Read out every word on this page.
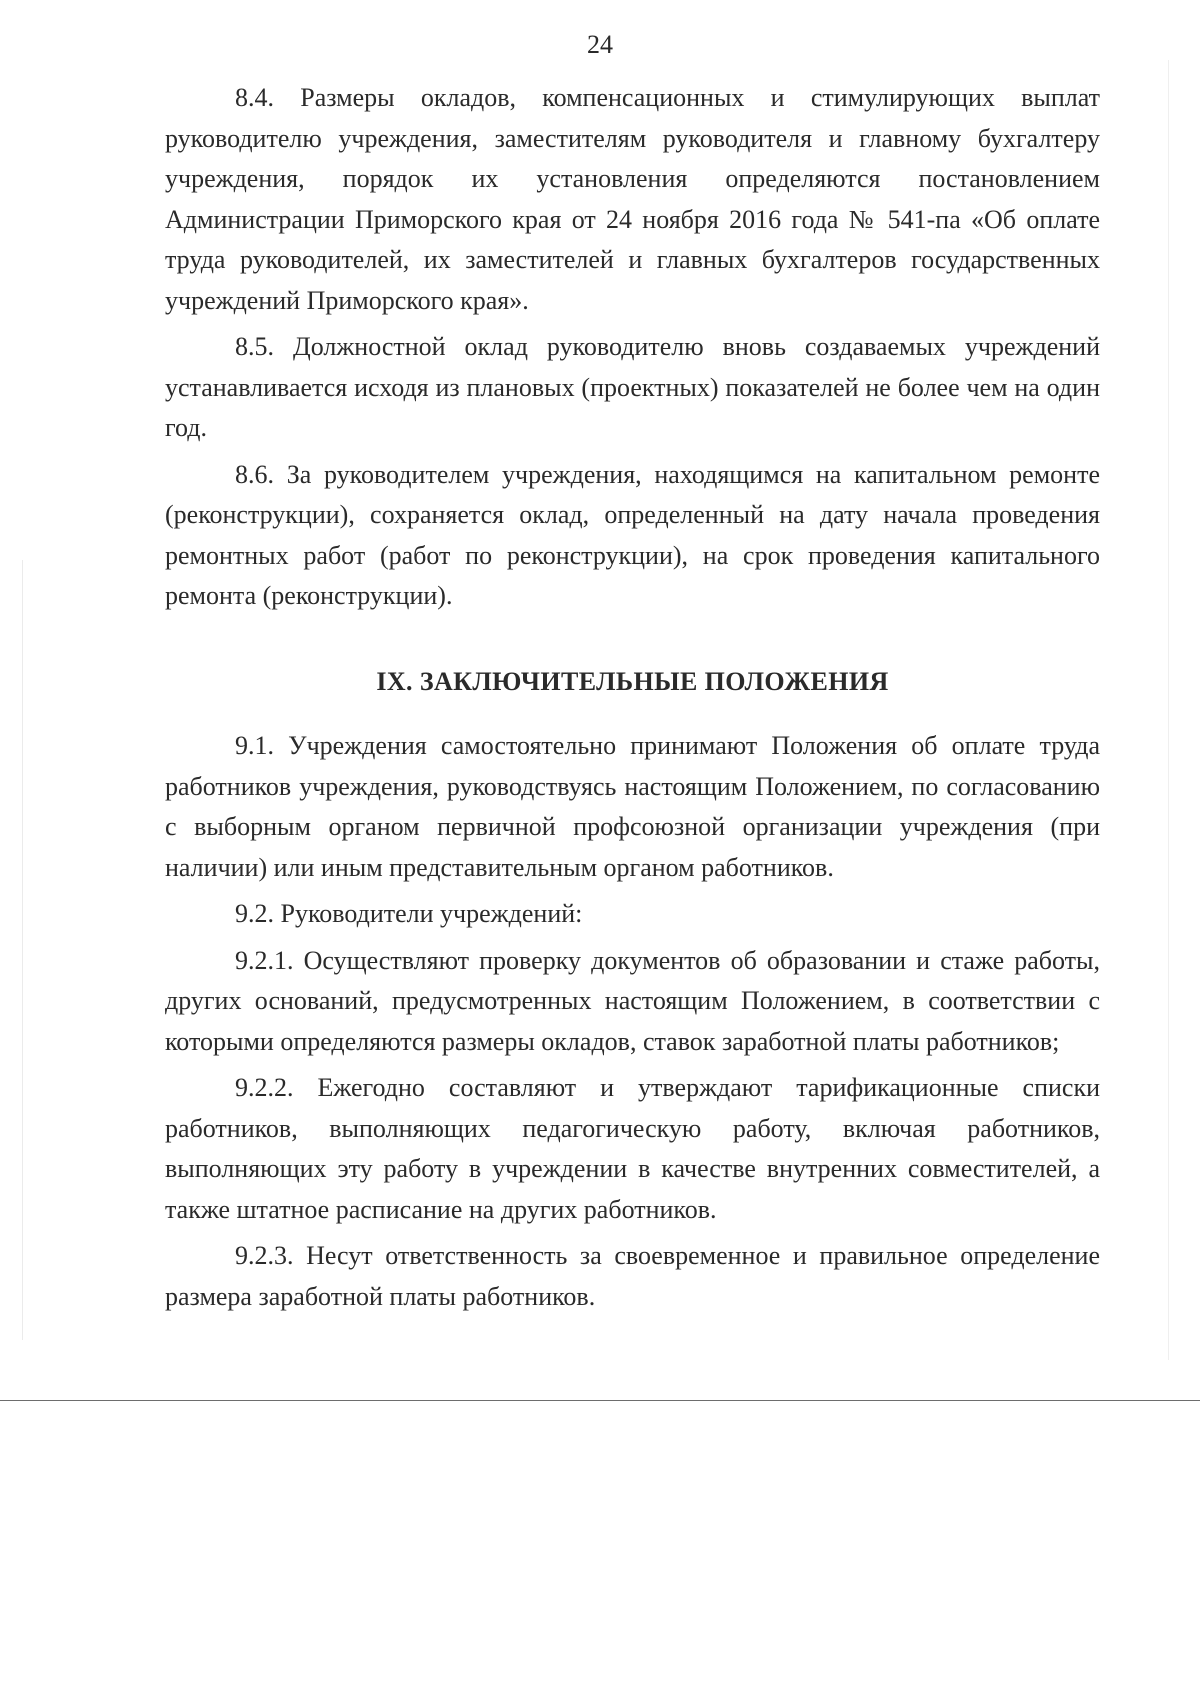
24

8.4. Размеры окладов, компенсационных и стимулирующих выплат руководителю учреждения, заместителям руководителя и главному бухгалтеру учреждения, порядок их установления определяются постановлением Администрации Приморского края от 24 ноября 2016 года № 541-па «Об оплате труда руководителей, их заместителей и главных бухгалтеров государственных учреждений Приморского края».

8.5. Должностной оклад руководителю вновь создаваемых учреждений устанавливается исходя из плановых (проектных) показателей не более чем на один год.

8.6. За руководителем учреждения, находящимся на капитальном ремонте (реконструкции), сохраняется оклад, определенный на дату начала проведения ремонтных работ (работ по реконструкции), на срок проведения капитального ремонта (реконструкции).

IX. ЗАКЛЮЧИТЕЛЬНЫЕ ПОЛОЖЕНИЯ

9.1. Учреждения самостоятельно принимают Положения об оплате труда работников учреждения, руководствуясь настоящим Положением, по согласованию с выборным органом первичной профсоюзной организации учреждения (при наличии) или иным представительным органом работников.

9.2. Руководители учреждений:

9.2.1. Осуществляют проверку документов об образовании и стаже работы, других оснований, предусмотренных настоящим Положением, в соответствии с которыми определяются размеры окладов, ставок заработной платы работников;

9.2.2. Ежегодно составляют и утверждают тарификационные списки работников, выполняющих педагогическую работу, включая работников, выполняющих эту работу в учреждении в качестве внутренних совместителей, а также штатное расписание на других работников.

9.2.3. Несут ответственность за своевременное и правильное определение размера заработной платы работников.
